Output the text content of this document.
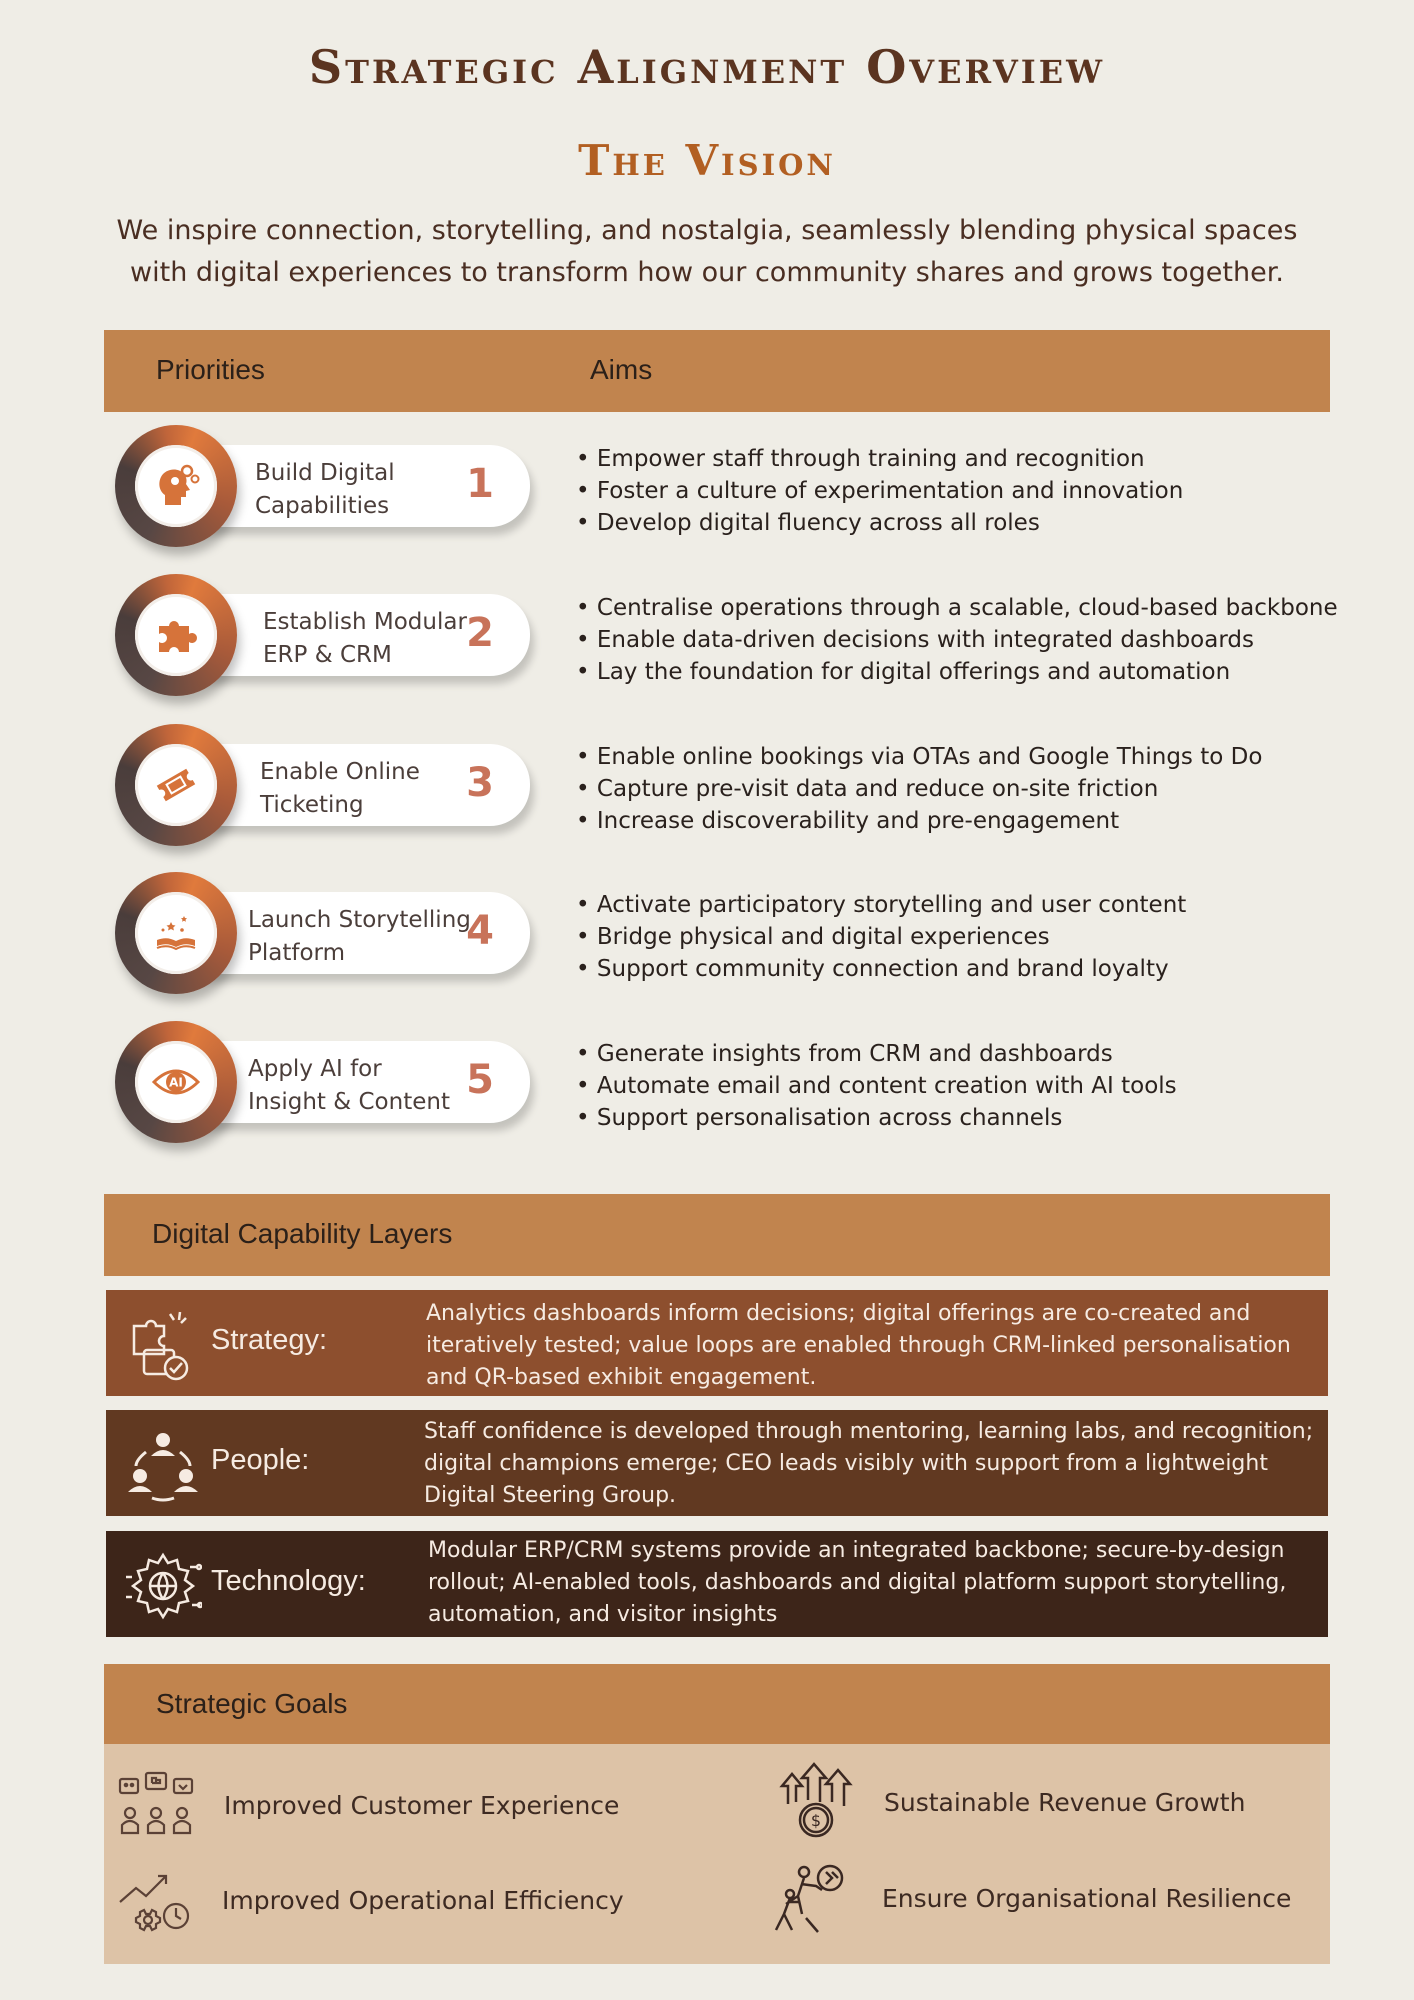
Strategic Alignment Overview
The Vision
We inspire connection, storytelling, and nostalgia, seamlessly blending physical spaces with digital experiences to transform how our community shares and grows together.
Priorities	Aims
Build Digital
Capabilities	1
• Empower staff through training and recognition
• Foster a culture of experimentation and innovation
• Develop digital fluency across all roles
Establish Modular
ERP & CRM	2
• Centralise operations through a scalable, cloud-based backbone
• Enable data-driven decisions with integrated dashboards
• Lay the foundation for digital offerings and automation
Enable Online
Ticketing	3
• Enable online bookings via OTAs and Google Things to Do
• Capture pre-visit data and reduce on-site friction
• Increase discoverability and pre-engagement
Launch Storytelling
Platform	4
• Activate participatory storytelling and user content
• Bridge physical and digital experiences
• Support community connection and brand loyalty
Apply AI for
Insight & Content 5
AI
• Generate insights from CRM and dashboards
• Automate email and content creation with AI tools
• Support personalisation across channels
Digital Capability Layers
Strategy:
Analytics dashboards inform decisions; digital offerings are co-created and iteratively tested; value loops are enabled through CRM-linked personalisation and QR-based exhibit engagement.
People:
Staff confidence is developed through mentoring, learning labs, and recognition; digital champions emerge; CEO leads visibly with support from a lightweight Digital Steering Group.
Technology:
Modular ERP/CRM systems provide an integrated backbone; secure-by-design rollout; AI-enabled tools, dashboards and digital platform support storytelling, automation, and visitor insights
Strategic Goals
Improved Customer Experience
$
Sustainable Revenue Growth
Improved Operational Efficiency	Ensure Organisational Resilience
